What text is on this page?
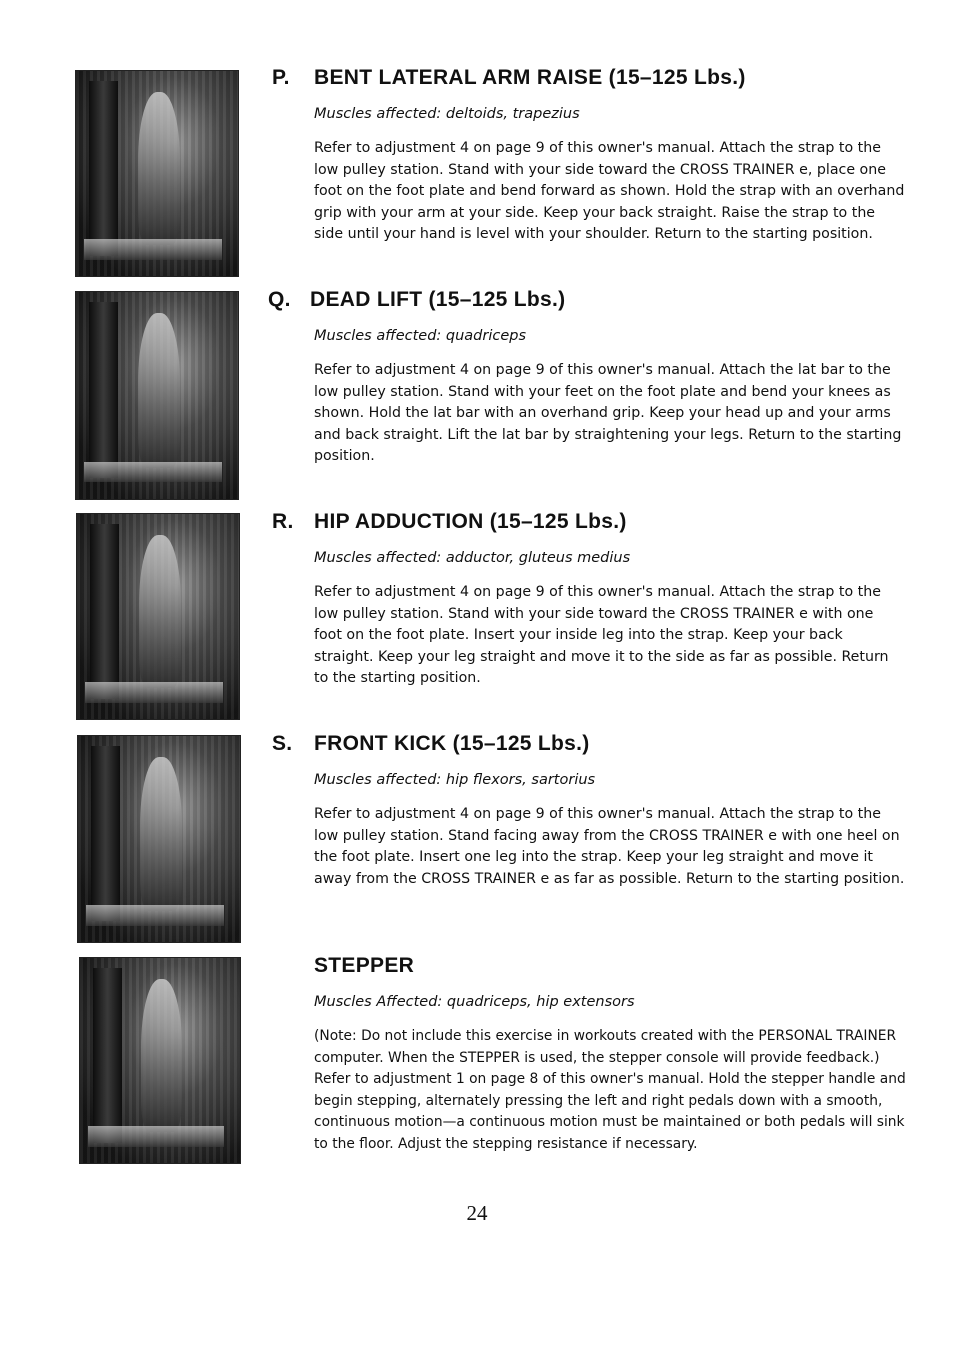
P. BENT LATERAL ARM RAISE (15–125 Lbs.)

Muscles affected: deltoids, trapezius

Refer to adjustment 4 on page 9 of this owner's manual. Attach the strap to the low pulley station. Stand with your side toward the CROSS TRAINER e, place one foot on the foot plate and bend forward as shown. Hold the strap with an overhand grip with your arm at your side. Keep your back straight. Raise the strap to the side until your hand is level with your shoulder. Return to the starting position.

Q. DEAD LIFT (15–125 Lbs.)

Muscles affected: quadriceps

Refer to adjustment 4 on page 9 of this owner's manual. Attach the lat bar to the low pulley station. Stand with your feet on the foot plate and bend your knees as shown. Hold the lat bar with an overhand grip. Keep your head up and your arms and back straight. Lift the lat bar by straightening your legs. Return to the starting position.

R. HIP ADDUCTION (15–125 Lbs.)

Muscles affected: adductor, gluteus medius

Refer to adjustment 4 on page 9 of this owner's manual. Attach the strap to the low pulley station. Stand with your side toward the CROSS TRAINER e with one foot on the foot plate. Insert your inside leg into the strap. Keep your back straight. Keep your leg straight and move it to the side as far as possible. Return to the starting position.

S. FRONT KICK (15–125 Lbs.)

Muscles affected: hip flexors, sartorius

Refer to adjustment 4 on page 9 of this owner's manual. Attach the strap to the low pulley station. Stand facing away from the CROSS TRAINER e with one heel on the foot plate. Insert one leg into the strap. Keep your leg straight and move it away from the CROSS TRAINER e as far as possible. Return to the starting position.

STEPPER

Muscles Affected: quadriceps, hip extensors

(Note: Do not include this exercise in workouts created with the PERSONAL TRAINER computer. When the STEPPER is used, the stepper console will provide feedback.) Refer to adjustment 1 on page 8 of this owner's manual. Hold the stepper handle and begin stepping, alternately pressing the left and right pedals down with a smooth, continuous motion—a continuous motion must be maintained or both pedals will sink to the floor. Adjust the stepping resistance if necessary.

24
